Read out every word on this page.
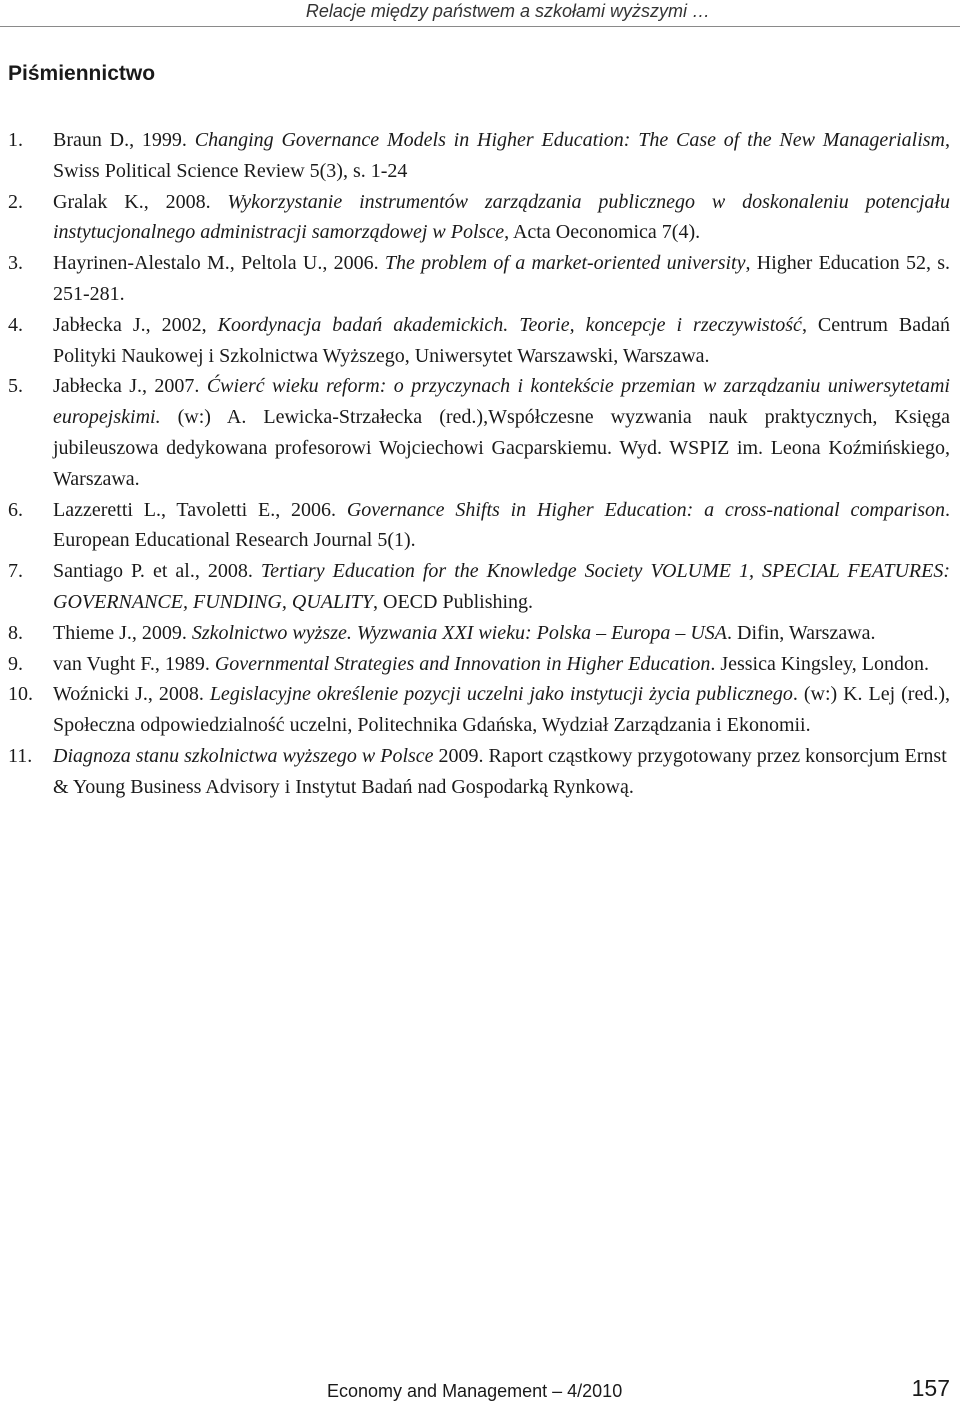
Relacje między państwem a szkołami wyższymi …
Piśmiennictwo
1. Braun D., 1999. Changing Governance Models in Higher Education: The Case of the New Managerialism, Swiss Political Science Review 5(3), s. 1-24
2. Gralak K., 2008. Wykorzystanie instrumentów zarządzania publicznego w doskonaleniu potencjału instytucjonalnego administracji samorządowej w Polsce, Acta Oeconomica 7(4).
3. Hayrinen-Alestalo M., Peltola U., 2006. The problem of a market-oriented university, Higher Education 52, s. 251-281.
4. Jabłecka J., 2002, Koordynacja badań akademickich. Teorie, koncepcje i rzeczywistość, Centrum Badań Polityki Naukowej i Szkolnictwa Wyższego, Uniwersytet Warszawski, Warszawa.
5. Jabłecka J., 2007. Ćwierć wieku reform: o przyczynach i kontekście przemian w zarządzaniu uniwersytetami europejskimi. (w:) A. Lewicka-Strzałecka (red.),Współczesne wyzwania nauk praktycznych, Księga jubileuszowa dedykowana profesorowi Wojciechowi Gacparskiemu. Wyd. WSPIZ im. Leona Koźmińskiego, Warszawa.
6. Lazzeretti L., Tavoletti E., 2006. Governance Shifts in Higher Education: a cross-national comparison. European Educational Research Journal 5(1).
7. Santiago P. et al., 2008. Tertiary Education for the Knowledge Society VOLUME 1, SPECIAL FEATURES: GOVERNANCE, FUNDING, QUALITY, OECD Publishing.
8. Thieme J., 2009. Szkolnictwo wyższe. Wyzwania XXI wieku: Polska – Europa – USA. Difin, Warszawa.
9. van Vught F., 1989. Governmental Strategies and Innovation in Higher Education. Jessica Kingsley, London.
10. Woźnicki J., 2008. Legislacyjne określenie pozycji uczelni jako instytucji życia publicznego. (w:) K. Lej (red.), Społeczna odpowiedzialność uczelni, Politechnika Gdańska, Wydział Zarządzania i Ekonomii.
11. Diagnoza stanu szkolnictwa wyższego w Polsce 2009. Raport cząstkowy przygotowany przez konsorcjum Ernst & Young Business Advisory i Instytut Badań nad Gospodarką Rynkową.
Economy and Management – 4/2010	157
